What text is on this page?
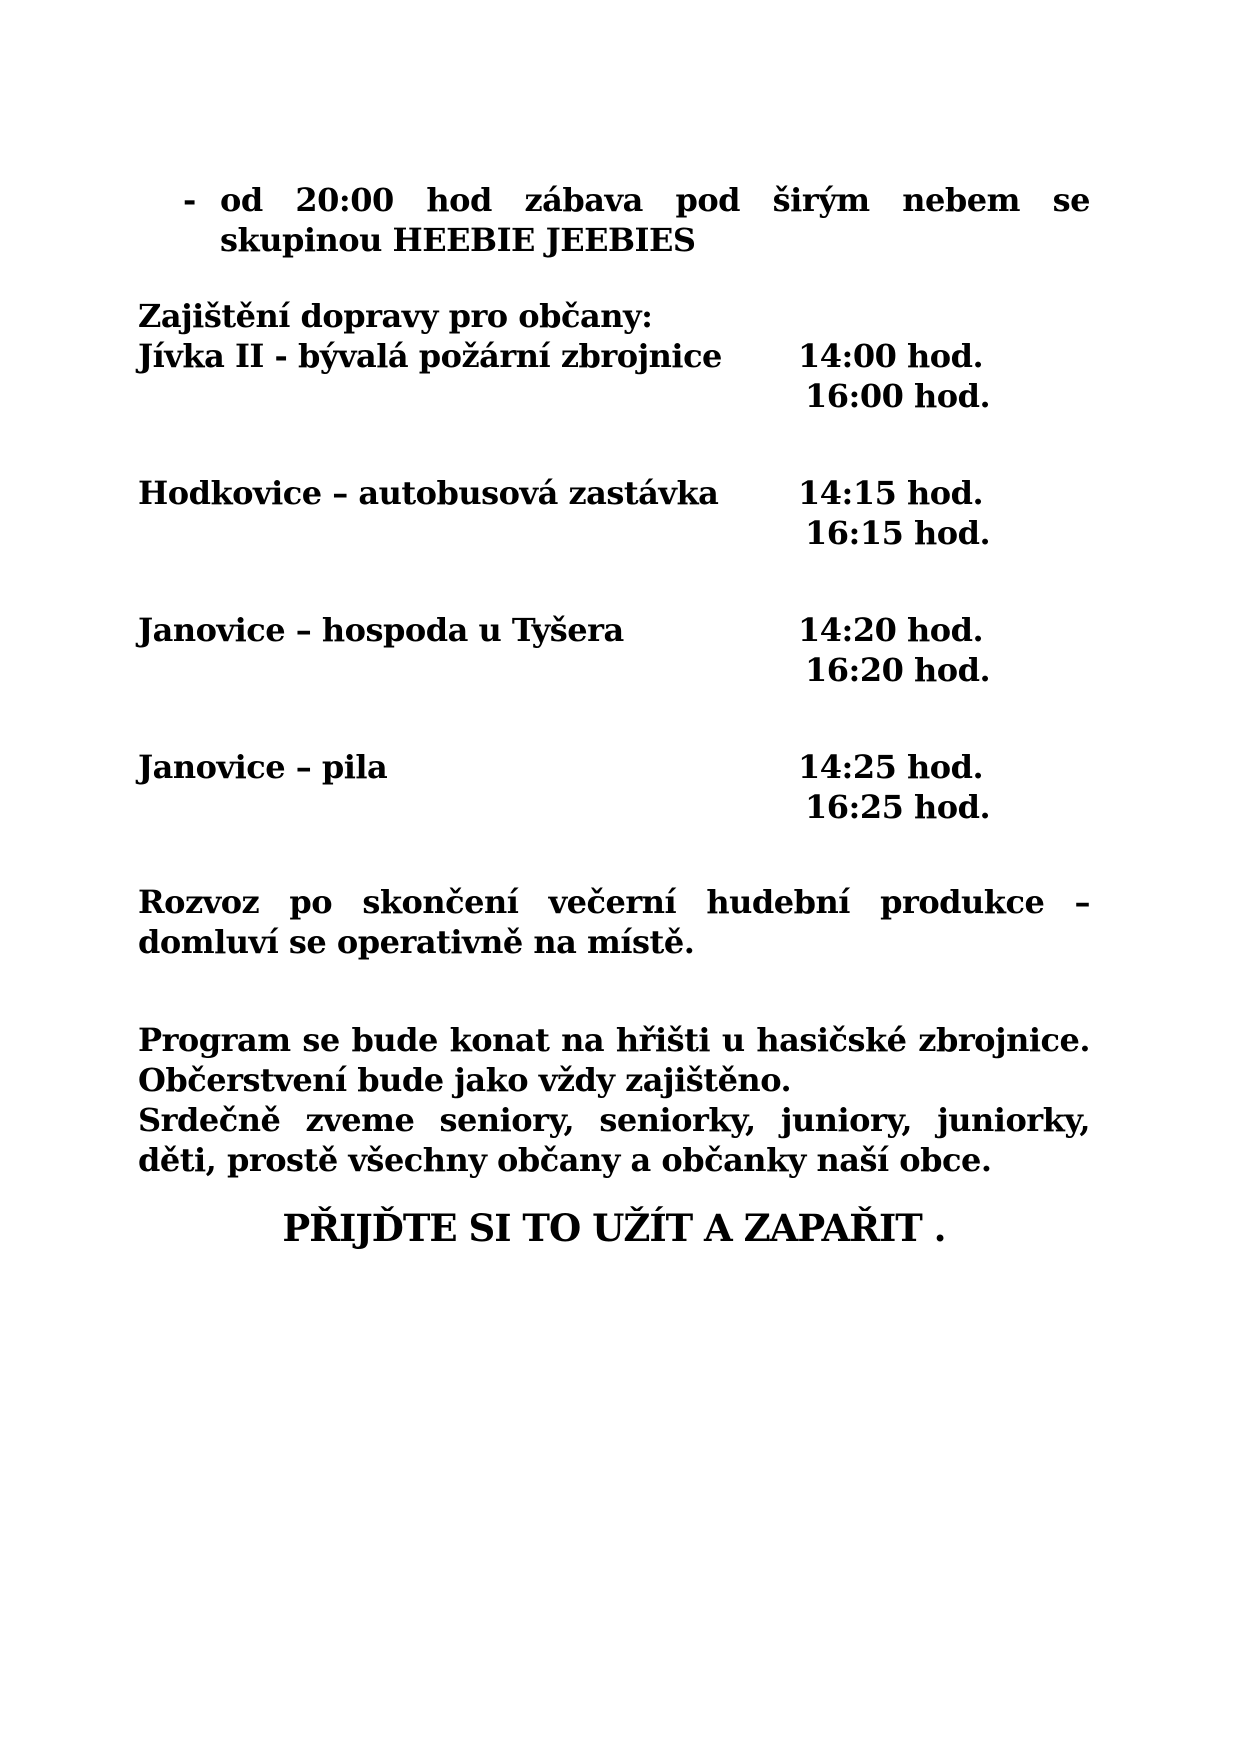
- od 20:00 hod zábava pod širým nebem se
skupinou HEEBIE JEEBIES
Zajištění dopravy pro občany:
Jívka II - bývalá požární zbrojnice 14:00 hod.
16:00 hod.
Hodkovice – autobusová zastávka 14:15 hod.
16:15 hod.
Janovice – hospoda u Tyšera	14:20 hod.
16:20 hod.
Janovice – pila	14:25 hod.
16:25 hod.
Rozvoz po skončení večerní hudební produkce –
domluví se operativně na místě.
Program se bude konat na hřišti u hasičské zbrojnice.
Občerstvení bude jako vždy zajištěno.
Srdečně zveme seniory, seniorky, juniory, juniorky,
děti, prostě všechny občany a občanky naší obce.
PŘIJĎTE SI TO UŽÍT A ZAPAŘIT .
